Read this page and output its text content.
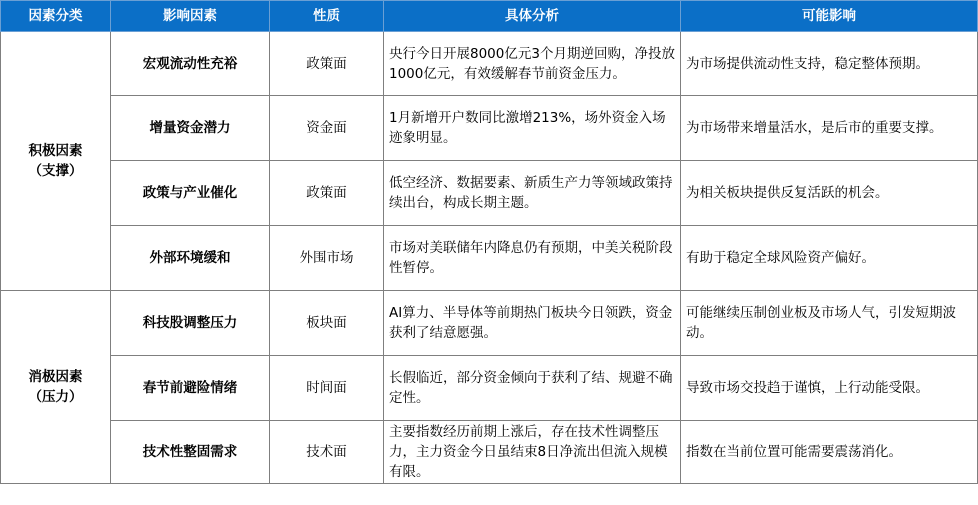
因素分类	影响因素	性质	具体分析	可能影响

积极因素
（支撑）	宏观流动性充裕	政策面	央行今日开展8000亿元3个月期逆回购，净投放1000亿元，有效缓解春节前资金压力。	为市场提供流动性支持，稳定整体预期。
	增量资金潜力	资金面	1月新增开户数同比激增213%，场外资金入场迹象明显。	为市场带来增量活水，是后市的重要支撑。
	政策与产业催化	政策面	低空经济、数据要素、新质生产力等领域政策持续出台，构成长期主题。	为相关板块提供反复活跃的机会。
	外部环境缓和	外围市场	市场对美联储年内降息仍有预期，中美关税阶段性暂停。	有助于稳定全球风险资产偏好。

消极因素
（压力）	科技股调整压力	板块面	AI算力、半导体等前期热门板块今日领跌，资金获利了结意愿强。	可能继续压制创业板及市场人气，引发短期波动。
	春节前避险情绪	时间面	长假临近，部分资金倾向于获利了结、规避不确定性。	导致市场交投趋于谨慎，上行动能受限。
	技术性整固需求	技术面	主要指数经历前期上涨后，存在技术性调整压力，主力资金今日虽结束8日净流出但流入规模有限。	指数在当前位置可能需要震荡消化。
